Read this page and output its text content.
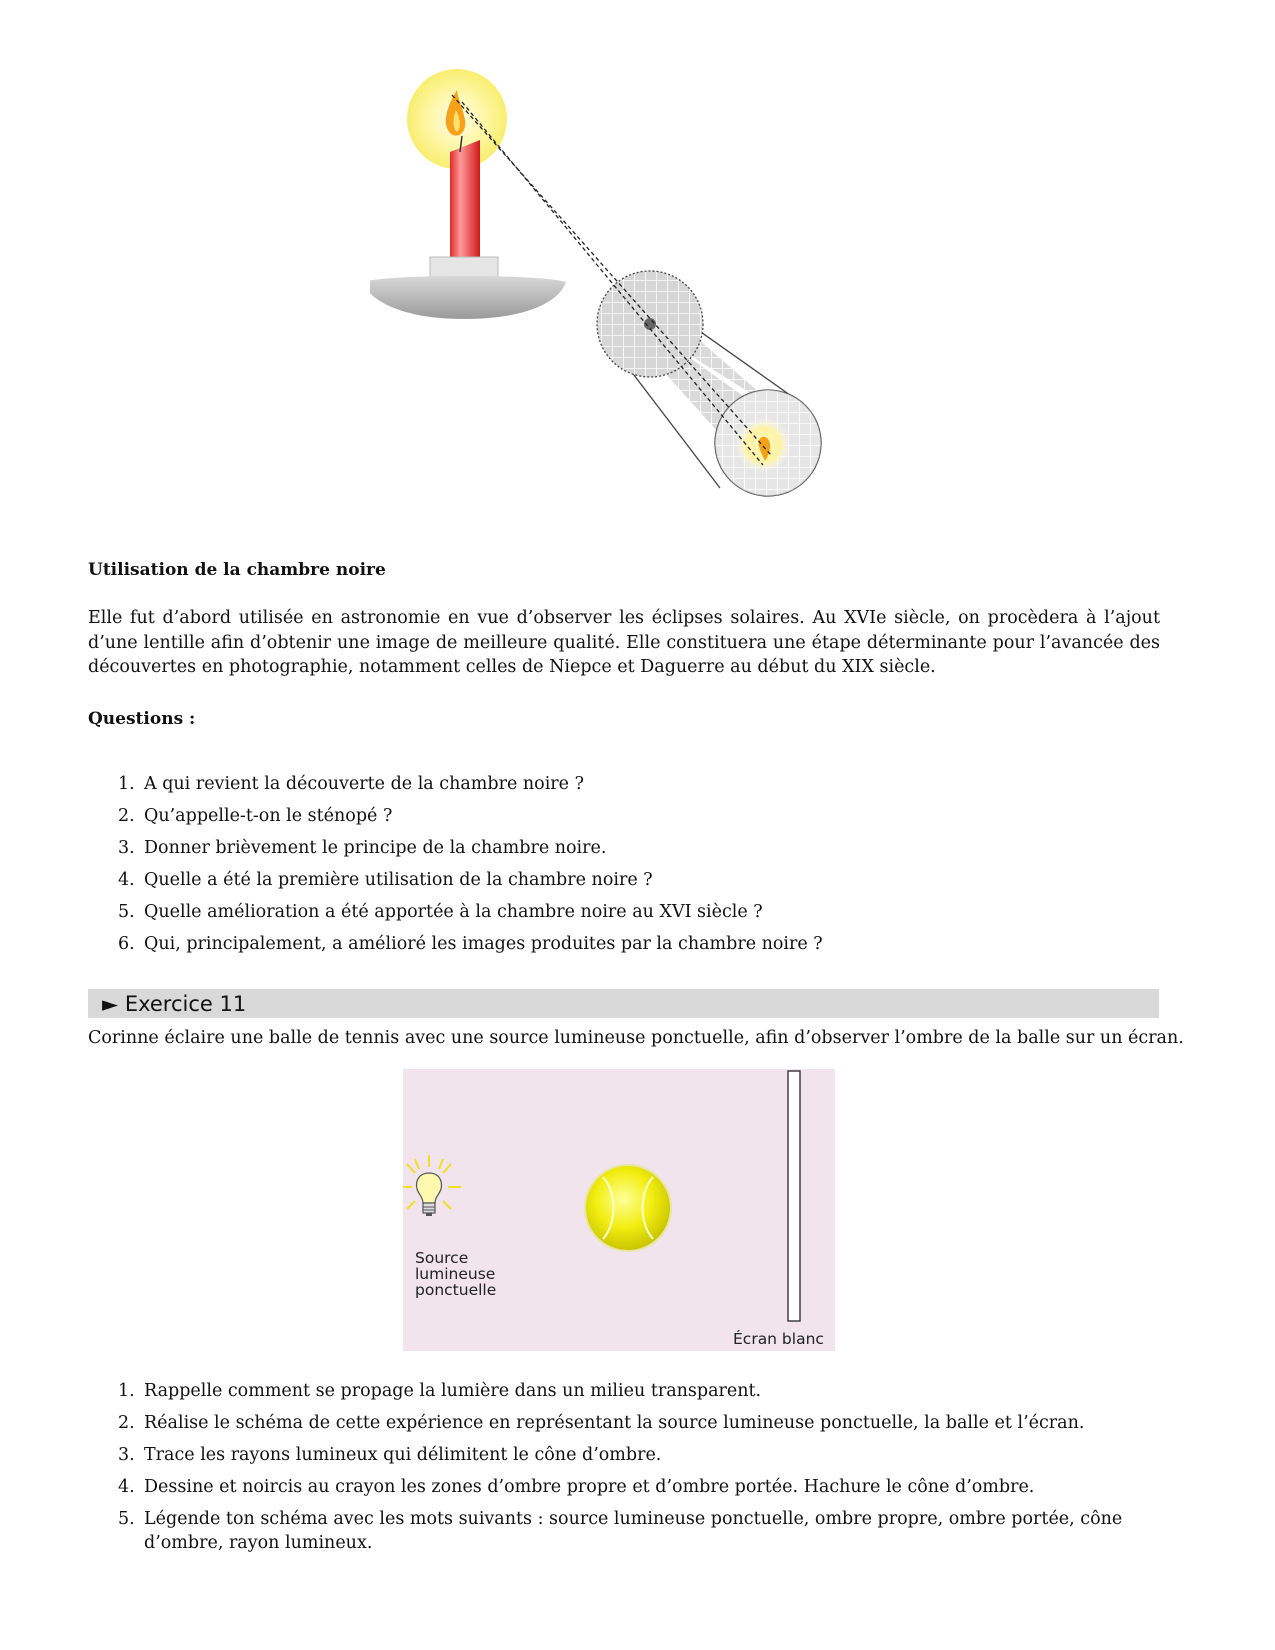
Utilisation de la chambre noire
Elle fut d’abord utilisée en astronomie en vue d’observer les éclipses solaires. Au XVIe siècle, on procèdera à l’ajout d’une lentille afin d’obtenir une image de meilleure qualité. Elle constituera une étape déterminante pour l’avancée des découvertes en photographie, notamment celles de Niepce et Daguerre au début du XIX siècle.
Questions :
1. A qui revient la découverte de la chambre noire ?
2. Qu’appelle-t-on le sténopé ?
3. Donner brièvement le principe de la chambre noire.
4. Quelle a été la première utilisation de la chambre noire ?
5. Quelle amélioration a été apportée à la chambre noire au XVI siècle ?
6. Qui, principalement, a amélioré les images produites par la chambre noire ?
► Exercice 11
Corinne éclaire une balle de tennis avec une source lumineuse ponctuelle, afin d’observer l’ombre de la balle sur un écran.
Source
lumineuse
ponctuelle
Écran blanc
1. Rappelle comment se propage la lumière dans un milieu transparent.
2. Réalise le schéma de cette expérience en représentant la source lumineuse ponctuelle, la balle et l’écran.
3. Trace les rayons lumineux qui délimitent le cône d’ombre.
4. Dessine et noircis au crayon les zones d’ombre propre et d’ombre portée. Hachure le cône d’ombre.
5. Légende ton schéma avec les mots suivants : source lumineuse ponctuelle, ombre propre, ombre portée, cône d’ombre, rayon lumineux.
